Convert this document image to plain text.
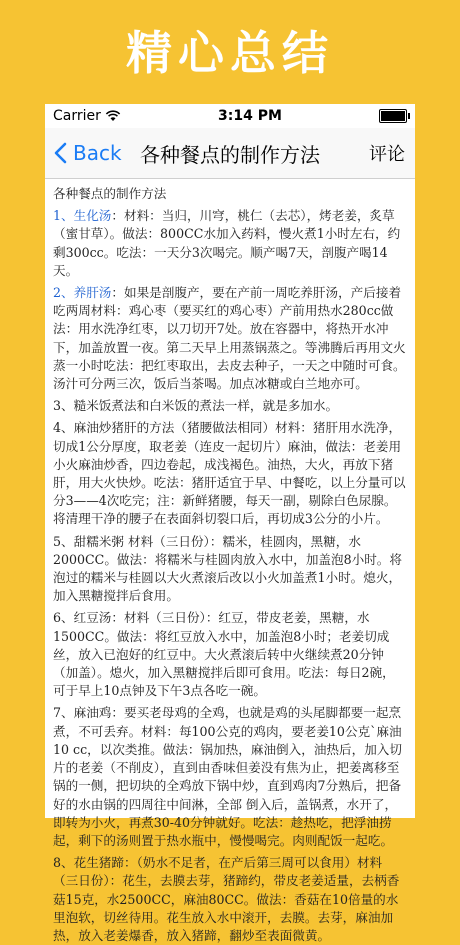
精心总结
Carrier	3:14 PM
Back 各种餐点的制作方法	评论

各种餐点的制作方法

1、生化汤：材料：当归，川穹，桃仁（去芯），烤老姜，炙草（蜜甘草）。做法：800CC水加入药料，慢火煮1小时左右，约剩300cc。吃法：一天分3次喝完。顺产喝7天，剖腹产喝14天。

2、养肝汤：如果是剖腹产，要在产前一周吃养肝汤，产后接着吃两周材料：鸡心枣（要买红的鸡心枣）产前用热水280cc做法：用水洗净红枣，以刀切开7处。放在容器中，将热开水冲下，加盖放置一夜。第二天早上用蒸锅蒸之。等沸腾后再用文火蒸一小时吃法：把红枣取出，去皮去种子，一天之中随时可食。汤汁可分两三次，饭后当茶喝。加点冰糖或白兰地亦可。

3、糙米饭煮法和白米饭的煮法一样，就是多加水。

4、麻油炒猪肝的方法（猪腰做法相同）材料：猪肝用水洗净，切成1公分厚度，取老姜（连皮一起切片）麻油，做法：老姜用小火麻油炒香，四边卷起，成浅褐色。油热，大火，再放下猪肝，用大火快炒。吃法：猪肝适宜于早、中餐吃，以上分量可以分3——4次吃完；注：新鲜猪腰，每天一副，剔除白色尿腺。将清理干净的腰子在表面斜切裂口后，再切成3公分的小片。

5、甜糯米粥 材料（三日份）：糯米，桂圆肉，黑糖，水2000CC。做法：将糯米与桂圆肉放入水中，加盖泡8小时。将泡过的糯米与桂圆以大火煮滚后改以小火加盖煮1小时。熄火，加入黑糖搅拌后食用。

6、红豆汤：材料（三日份）：红豆，带皮老姜，黑糖，水1500CC。做法：将红豆放入水中，加盖泡8小时；老姜切成丝，放入已泡好的红豆中。大火煮滚后转中火继续煮20分钟（加盖）。熄火，加入黑糖搅拌后即可食用。吃法：每日2碗，可于早上10点钟及下午3点各吃一碗。

7、麻油鸡：要买老母鸡的全鸡，也就是鸡的头尾脚都要一起烹煮，不可丢弃。材料：每100公克的鸡肉，要老姜10公克`麻油10 cc，以次类推。做法：锅加热，麻油倒入，油热后，加入切片的老姜（不削皮），直到由香味但姜没有焦为止，把姜离移至锅的一侧，把切块的全鸡放下锅中炒，直到鸡肉7分熟后，把备好的水由锅的四周往中间淋，全部 倒入后，盖锅煮，水开了，即转为小火，再煮30-40分钟就好。吃法：趁热吃，把浮油捞起，剩下的汤则置于热水瓶中，慢慢喝完。肉则配饭一起吃。

8、花生猪蹄：（奶水不足者，在产后第三周可以食用）材料（三日份）：花生，去膜去芽，猪蹄约，带皮老姜适量，去柄香菇15克，水2500CC，麻油80CC。做法：香菇在10倍量的水里泡软，切丝待用。花生放入水中滚开，去膜。去芽，麻油加热，放入老姜爆香，放入猪蹄，翻炒至表面微黄。
